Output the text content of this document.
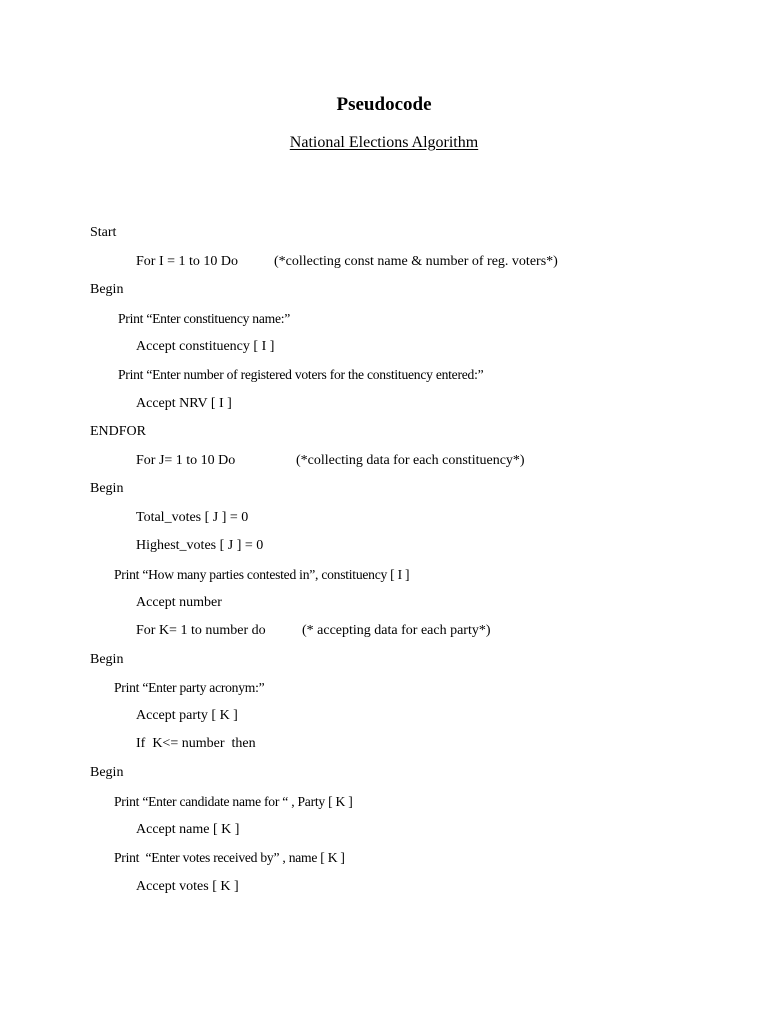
Pseudocode
National Elections Algorithm
Start
For I = 1 to 10 Do	(*collecting const name & number of reg. voters*)
Begin
Print “Enter constituency name:”
Accept constituency [ I ]
Print “Enter number of registered voters for the constituency entered:”
Accept NRV [ I ]
ENDFOR
For J= 1 to 10 Do	(*collecting data for each constituency*)
Begin
Total_votes [ J ] = 0
Highest_votes [ J ] = 0
Print “How many parties contested in”, constituency [ I ]
Accept number
For K= 1 to number do	(* accepting data for each party*)
Begin
Print “Enter party acronym:”
Accept party [ K ]
If  K<= number  then
Begin
Print “Enter candidate name for “ , Party [ K ]
Accept name [ K ]
Print  “Enter votes received by” , name [ K ]
Accept votes [ K ]
